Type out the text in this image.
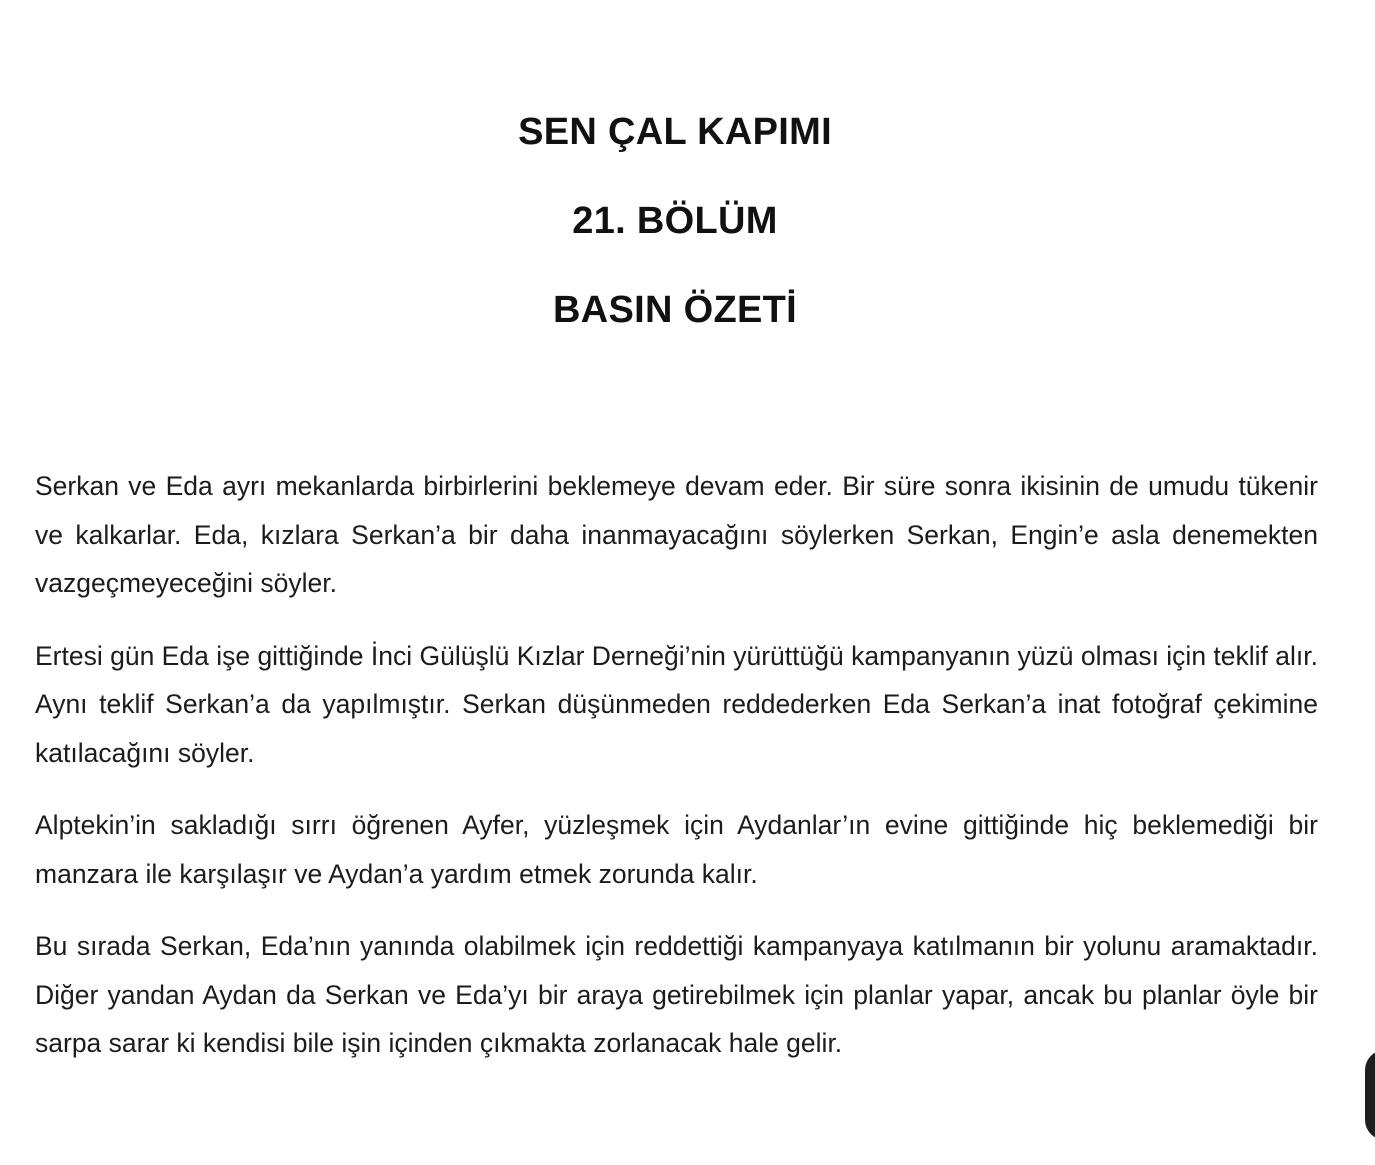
SEN ÇAL KAPIMI
21. BÖLÜM
BASIN ÖZETİ

Serkan ve Eda ayrı mekanlarda birbirlerini beklemeye devam eder. Bir süre sonra ikisinin de umudu tükenir ve kalkarlar. Eda, kızlara Serkan’a bir daha inanmayacağını söylerken Serkan, Engin’e asla denemekten vazgeçmeyeceğini söyler.

Ertesi gün Eda işe gittiğinde İnci Gülüşlü Kızlar Derneği’nin yürüttüğü kampanyanın yüzü olması için teklif alır. Aynı teklif Serkan’a da yapılmıştır. Serkan düşünmeden reddederken Eda Serkan’a inat fotoğraf çekimine katılacağını söyler.

Alptekin’in sakladığı sırrı öğrenen Ayfer, yüzleşmek için Aydanlar’ın evine gittiğinde hiç beklemediği bir manzara ile karşılaşır ve Aydan’a yardım etmek zorunda kalır.

Bu sırada Serkan, Eda’nın yanında olabilmek için reddettiği kampanyaya katılmanın bir yolunu aramaktadır. Diğer yandan Aydan da Serkan ve Eda’yı bir araya getirebilmek için planlar yapar, ancak bu planlar öyle bir sarpa sarar ki kendisi bile işin içinden çıkmakta zorlanacak hale gelir.
